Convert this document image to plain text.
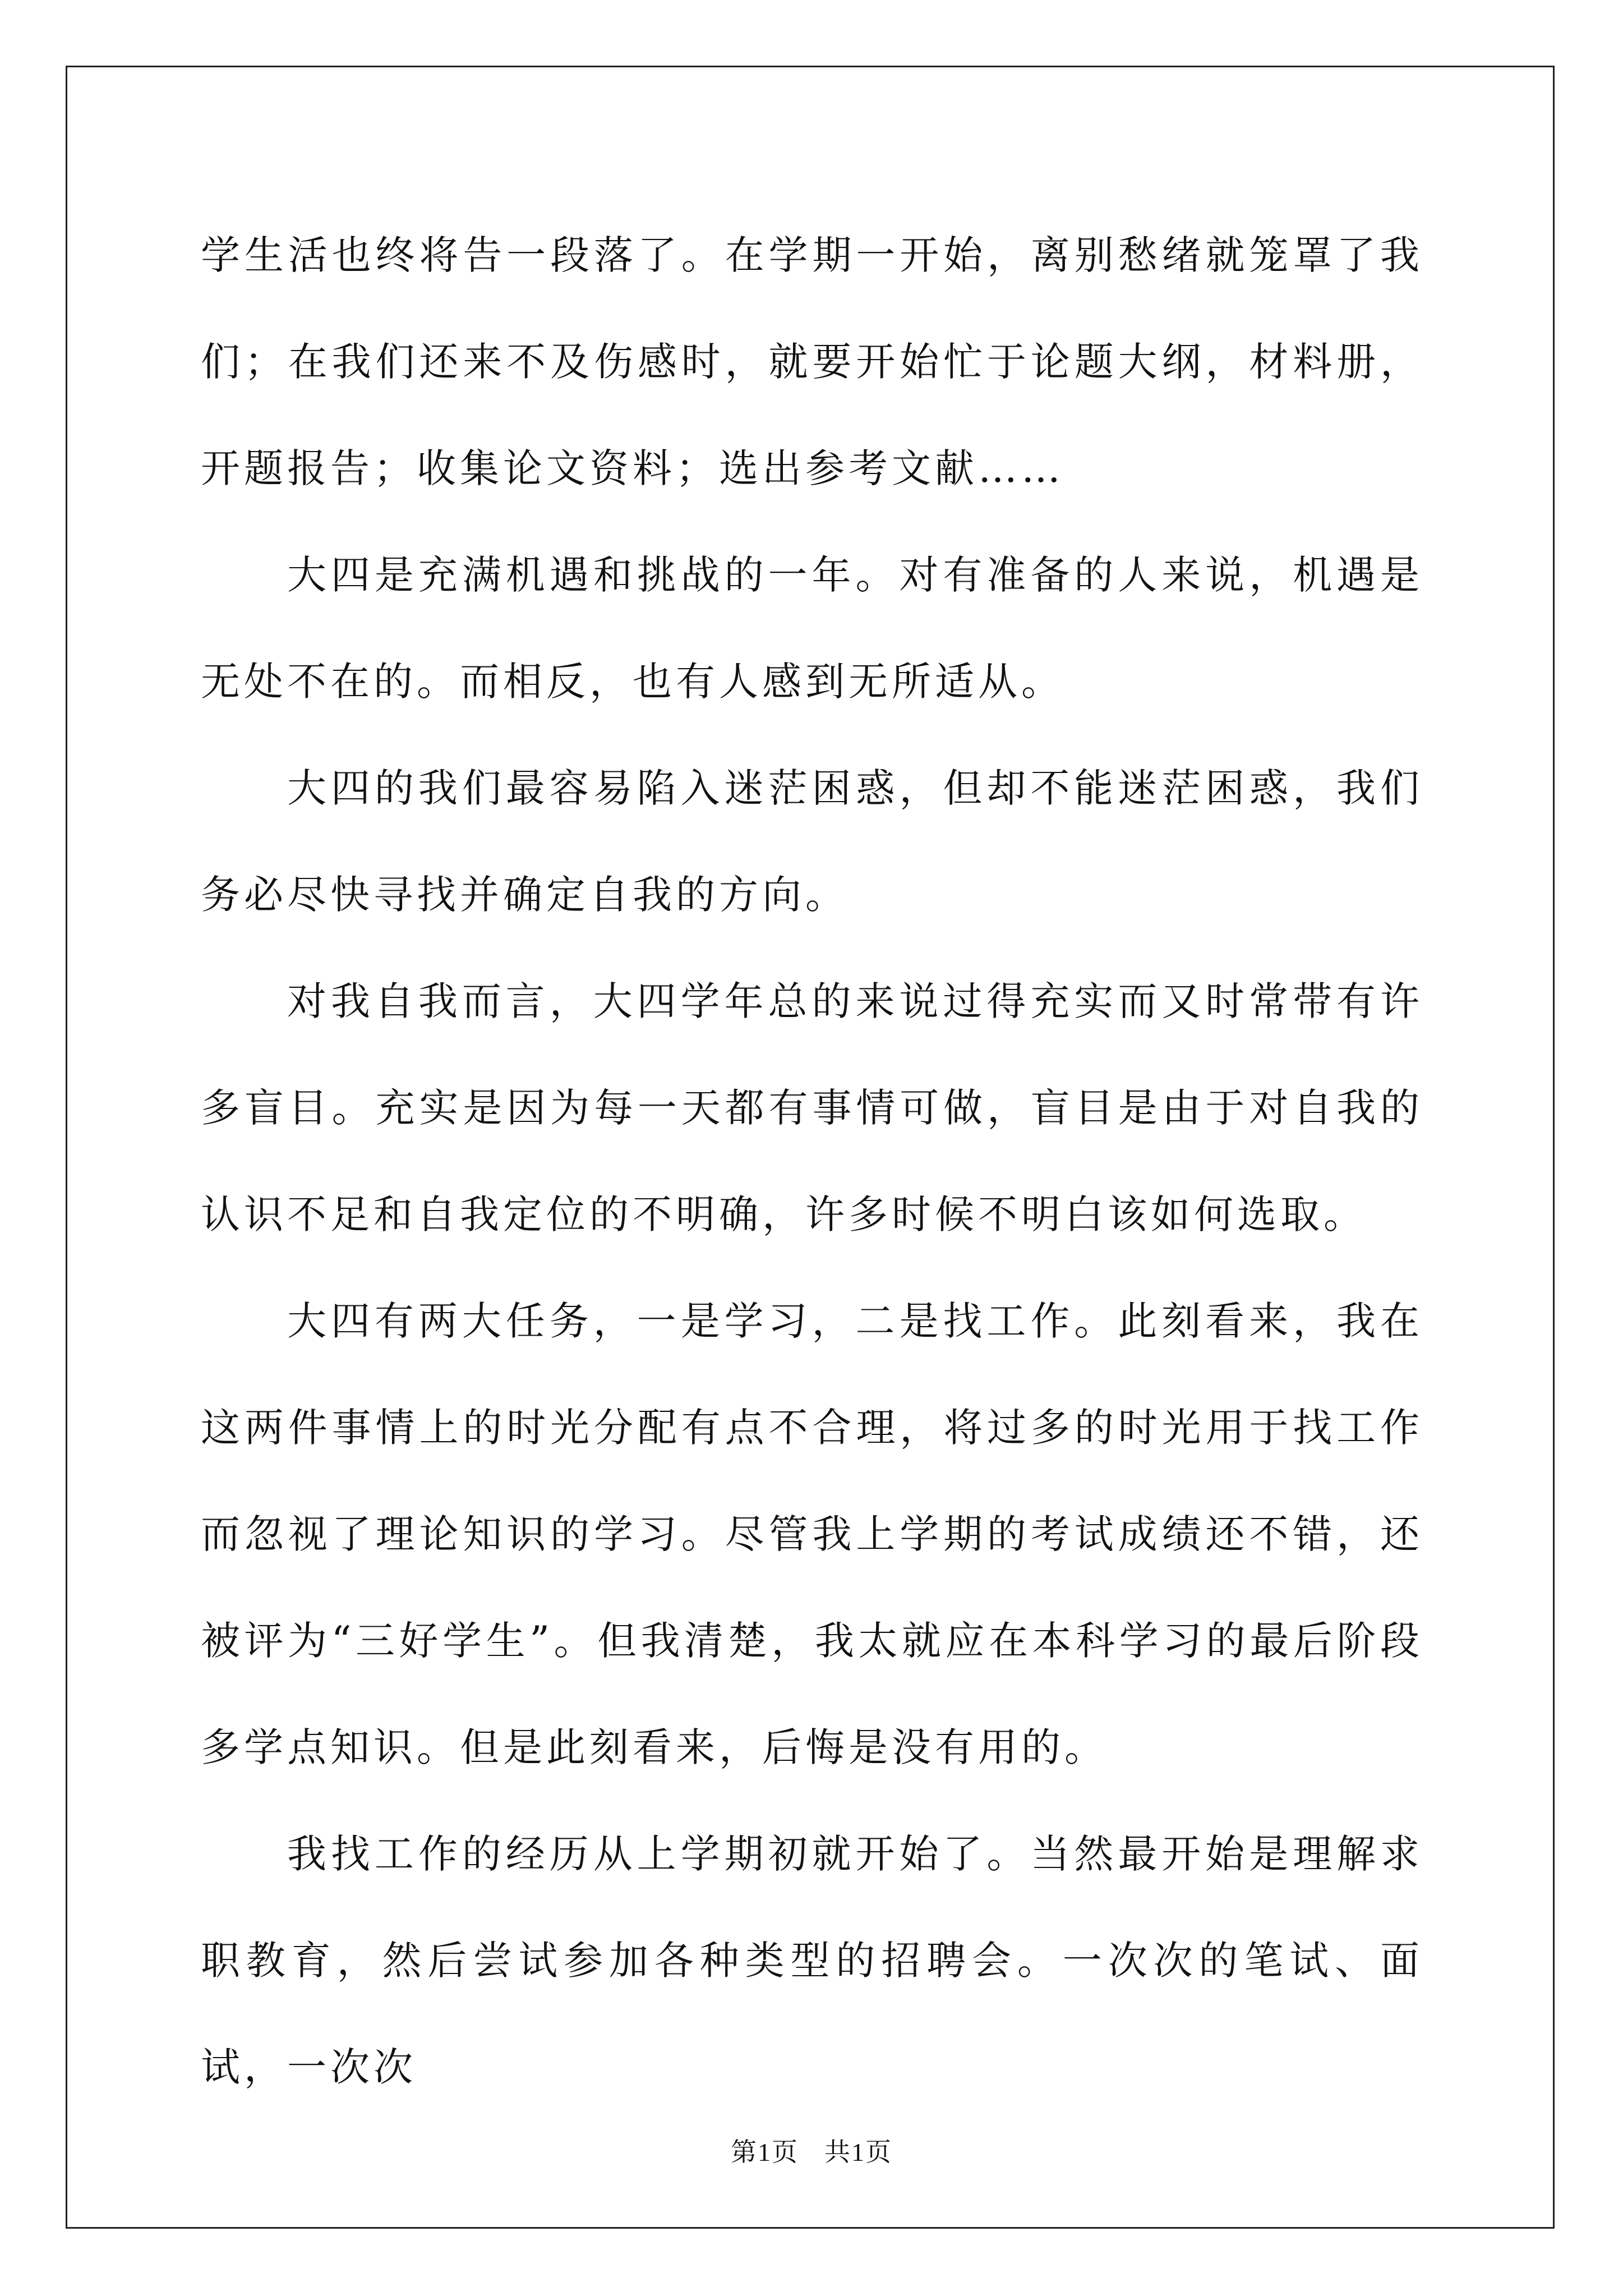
学生活也终将告一段落了。在学期一开始，离别愁绪就笼罩了我们；在我们还来不及伤感时，就要开始忙于论题大纲，材料册，开题报告；收集论文资料；选出参考文献……

大四是充满机遇和挑战的一年。对有准备的人来说，机遇是无处不在的。而相反，也有人感到无所适从。

大四的我们最容易陷入迷茫困惑，但却不能迷茫困惑，我们务必尽快寻找并确定自我的方向。

对我自我而言，大四学年总的来说过得充实而又时常带有许多盲目。充实是因为每一天都有事情可做，盲目是由于对自我的认识不足和自我定位的不明确，许多时候不明白该如何选取。

大四有两大任务，一是学习，二是找工作。此刻看来，我在这两件事情上的时光分配有点不合理，将过多的时光用于找工作而忽视了理论知识的学习。尽管我上学期的考试成绩还不错，还被评为“三好学生”。但我清楚，我太就应在本科学习的最后阶段多学点知识。但是此刻看来，后悔是没有用的。

我找工作的经历从上学期初就开始了。当然最开始是理解求职教育，然后尝试参加各种类型的招聘会。一次次的笔试、面试，一次次

第1页 共1页
